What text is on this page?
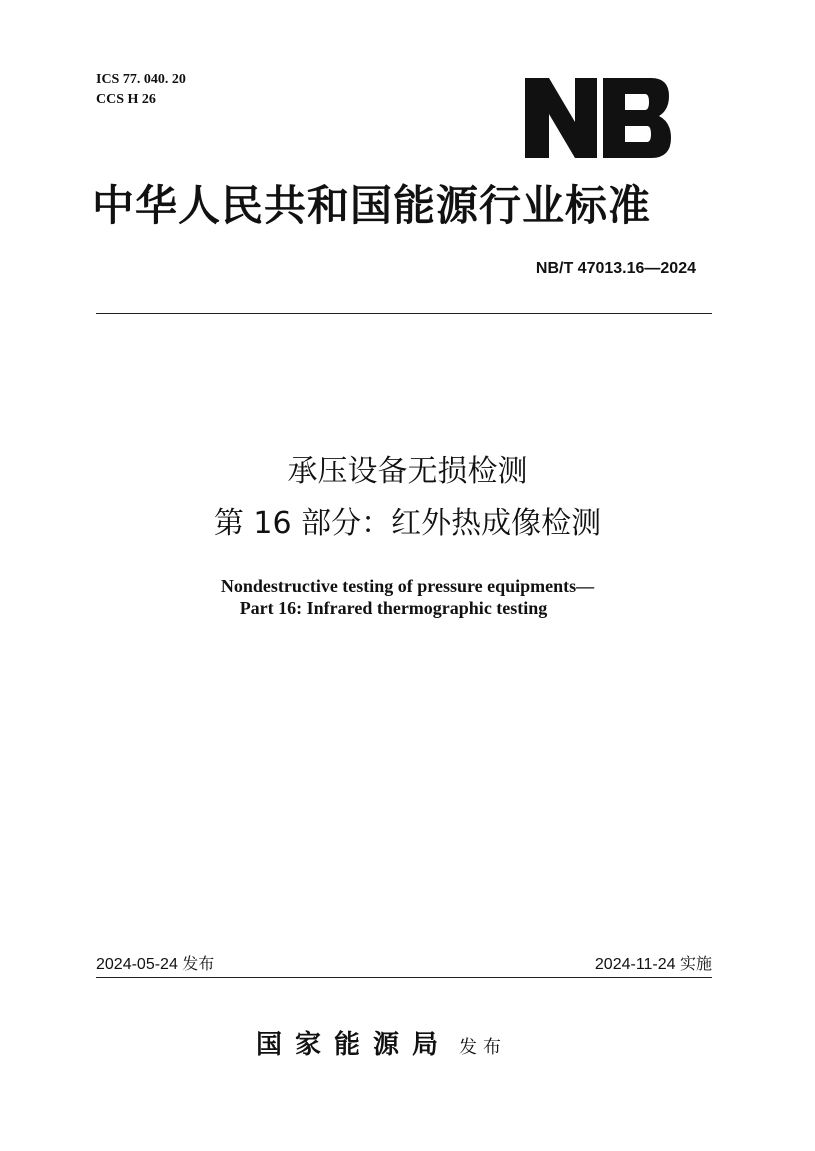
ICS 77. 040. 20
CCS H 26
中华人民共和国能源行业标准
NB/T 47013.16—2024
承压设备无损检测
第 16 部分：红外热成像检测
Nondestructive testing of pressure equipments—
Part 16: Infrared thermographic testing
2024-05-24 发布	2024-11-24 实施
国家能源局 发布
